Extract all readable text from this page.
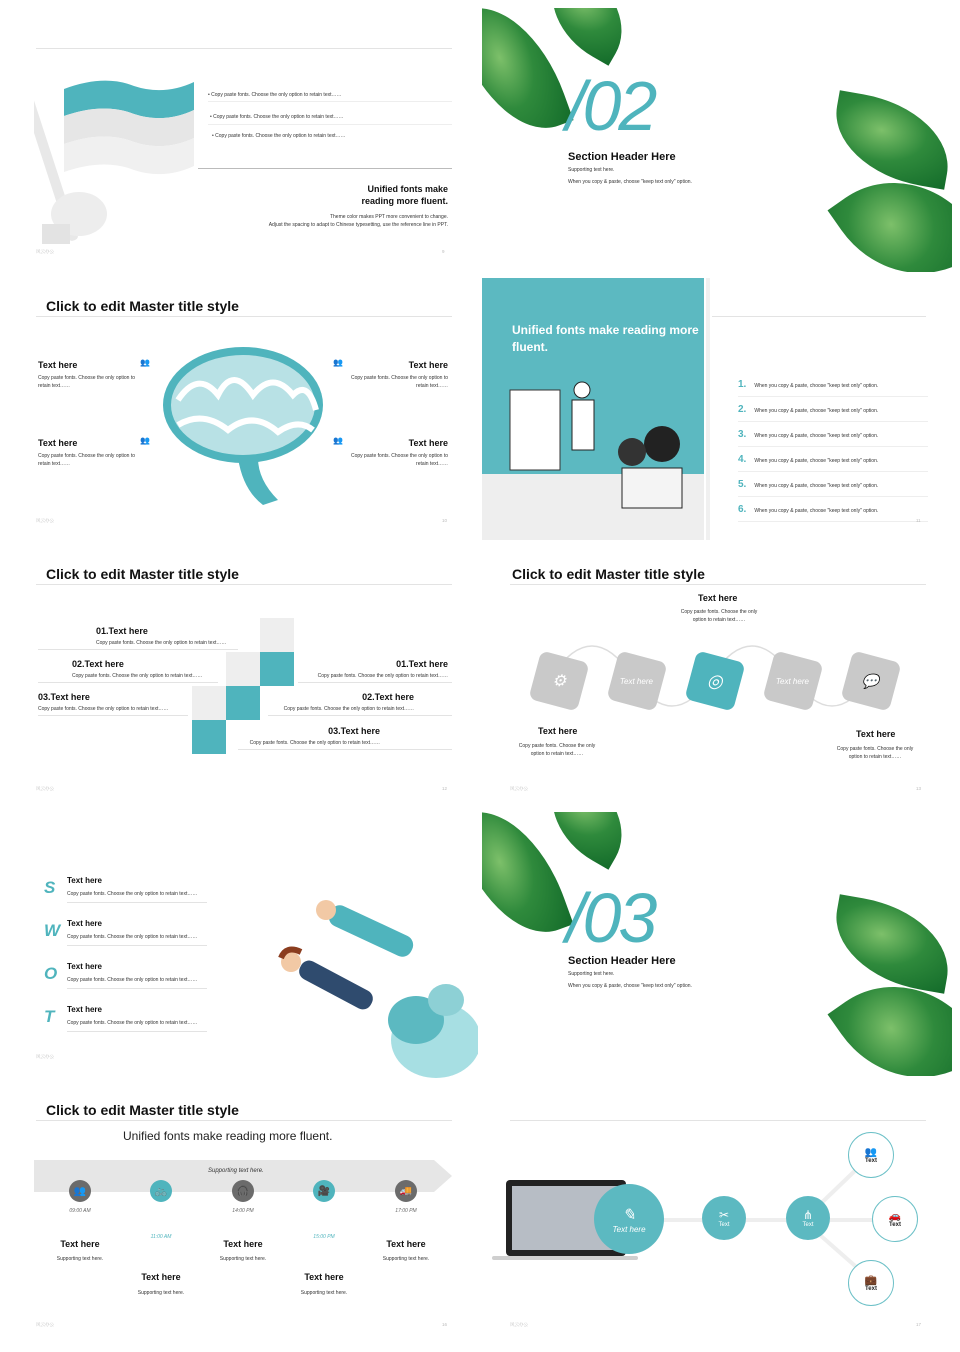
• Copy paste fonts. Choose the only option to retain text……
• Copy paste fonts. Choose the only option to retain text……
• Copy paste fonts. Choose the only option to retain text……
Unified fonts make
reading more fluent.
Theme color makes PPT more convenient to change.
Adjust the spacing to adapt to Chinese typesetting, use the reference line in PPT.
风云办公	9
/02
Section Header Here
Supporting text here.
When you copy & paste, choose "keep text only" option.
Click to edit Master title style
Text here
Copy paste fonts. Choose the only option to retain text……
👥
Text here
Copy paste fonts. Choose the only option to retain text……
👥
Text here
Copy paste fonts. Choose the only option to retain text……
👥
Text here
Copy paste fonts. Choose the only option to retain text……
👥
风云办公	10
Unified fonts make reading more fluent.
1. When you copy & paste, choose "keep text only" option.
2. When you copy & paste, choose "keep text only" option.
3. When you copy & paste, choose "keep text only" option.
4. When you copy & paste, choose "keep text only" option.
5. When you copy & paste, choose "keep text only" option.
6. When you copy & paste, choose "keep text only" option.
11
Click to edit Master title style
01.Text here
Copy paste fonts. Choose the only option to retain text……
02.Text here
Copy paste fonts. Choose the only option to retain text……
03.Text here
Copy paste fonts. Choose the only option to retain text……
01.Text here
Copy paste fonts. Choose the only option to retain text……
02.Text here
Copy paste fonts. Choose the only option to retain text……
03.Text here
Copy paste fonts. Choose the only option to retain text……
风云办公	12
Click to edit Master title style
Text here
Copy paste fonts. Choose the only option to retain text……
⚙	Text here	◎	Text here	💬
Text here
Copy paste fonts. Choose the only option to retain text……
Text here
Copy paste fonts. Choose the only option to retain text……
风云办公	13
S Text here
Copy paste fonts. Choose the only option to retain text……
W Text here
Copy paste fonts. Choose the only option to retain text……
O Text here
Copy paste fonts. Choose the only option to retain text……
T Text here
Copy paste fonts. Choose the only option to retain text……
风云办公
/03
Section Header Here
Supporting text here.
When you copy & paste, choose "keep text only" option.
Click to edit Master title style
Unified fonts make reading more fluent.
Supporting text here.
👥	🚲	🎧	🎥	🚚
09:00 AM
11:00 AM
14:00 PM
15:00 PM
17:00 PM
Text here
Supporting text here.
Text here
Supporting text here.
Text here
Supporting text here.
Text here
Supporting text here.
Text here
Supporting text here.
风云办公	16
✎
Text here
✂
Text
⋔
Text
👥
Text
🚗
Text
💼
Text
风云办公	17
